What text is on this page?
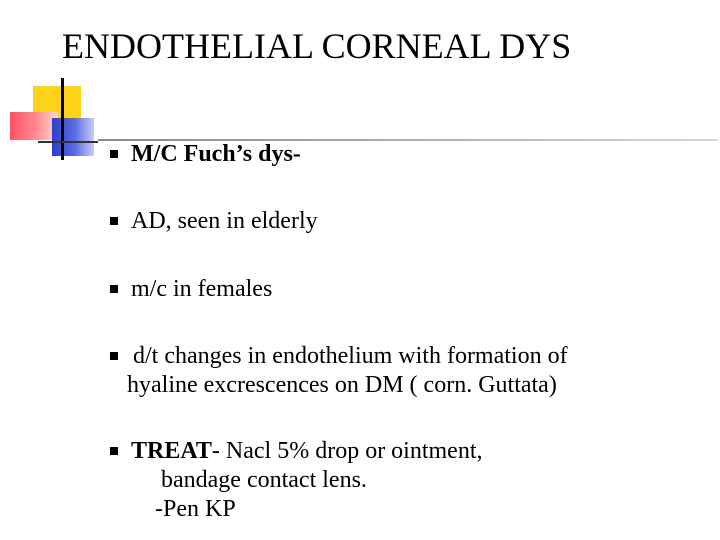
ENDOTHELIAL CORNEAL DYS
M/C Fuch’s dys-
AD, seen in elderly
m/c in females
d/t changes in endothelium with formation of
hyaline excrescences on DM ( corn. Guttata)
TREAT- Nacl 5% drop or ointment,
bandage contact lens.
-Pen KP
